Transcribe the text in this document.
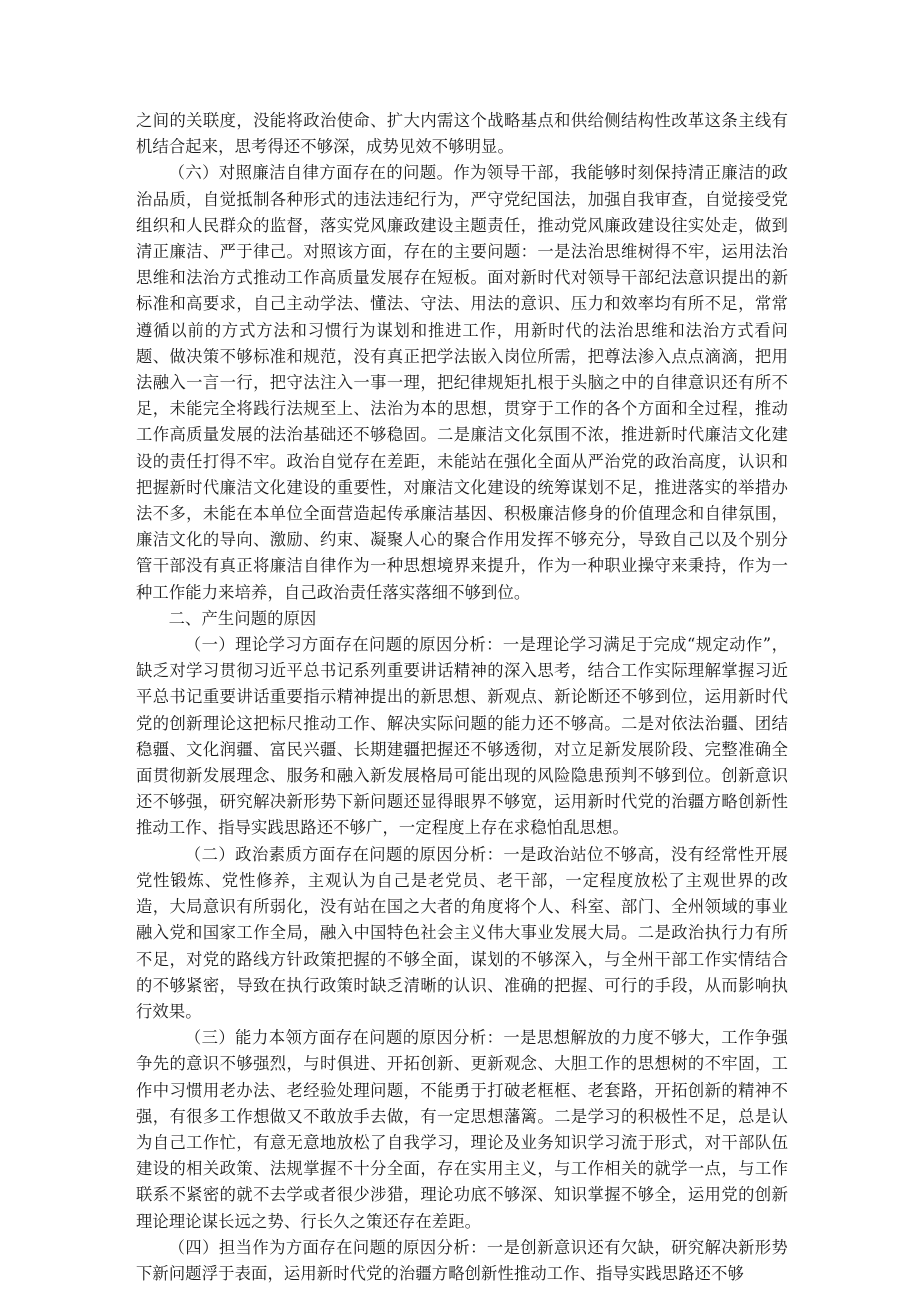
之间的关联度，没能将政治使命、扩大内需这个战略基点和供给侧结构性改革这条主线有机结合起来，思考得还不够深，成势见效不够明显。

（六）对照廉洁自律方面存在的问题。作为领导干部，我能够时刻保持清正廉洁的政治品质，自觉抵制各种形式的违法违纪行为，严守党纪国法，加强自我审查，自觉接受党组织和人民群众的监督，落实党风廉政建设主题责任，推动党风廉政建设往实处走，做到清正廉洁、严于律己。对照该方面，存在的主要问题：一是法治思维树得不牢，运用法治思维和法治方式推动工作高质量发展存在短板。面对新时代对领导干部纪法意识提出的新标准和高要求，自己主动学法、懂法、守法、用法的意识、压力和效率均有所不足，常常遵循以前的方式方法和习惯行为谋划和推进工作，用新时代的法治思维和法治方式看问题、做决策不够标准和规范，没有真正把学法嵌入岗位所需，把尊法渗入点点滴滴，把用法融入一言一行，把守法注入一事一理，把纪律规矩扎根于头脑之中的自律意识还有所不足，未能完全将践行法规至上、法治为本的思想，贯穿于工作的各个方面和全过程，推动工作高质量发展的法治基础还不够稳固。二是廉洁文化氛围不浓，推进新时代廉洁文化建设的责任打得不牢。政治自觉存在差距，未能站在强化全面从严治党的政治高度，认识和把握新时代廉洁文化建设的重要性，对廉洁文化建设的统筹谋划不足，推进落实的举措办法不多，未能在本单位全面营造起传承廉洁基因、积极廉洁修身的价值理念和自律氛围，廉洁文化的导向、激励、约束、凝聚人心的聚合作用发挥不够充分，导致自己以及个别分管干部没有真正将廉洁自律作为一种思想境界来提升，作为一种职业操守来秉持，作为一种工作能力来培养，自己政治责任落实落细不够到位。

二、产生问题的原因

（一）理论学习方面存在问题的原因分析：一是理论学习满足于完成“规定动作”，缺乏对学习贯彻习近平总书记系列重要讲话精神的深入思考，结合工作实际理解掌握习近平总书记重要讲话重要指示精神提出的新思想、新观点、新论断还不够到位，运用新时代党的创新理论这把标尺推动工作、解决实际问题的能力还不够高。二是对依法治疆、团结稳疆、文化润疆、富民兴疆、长期建疆把握还不够透彻，对立足新发展阶段、完整准确全面贯彻新发展理念、服务和融入新发展格局可能出现的风险隐患预判不够到位。创新意识还不够强，研究解决新形势下新问题还显得眼界不够宽，运用新时代党的治疆方略创新性推动工作、指导实践思路还不够广，一定程度上存在求稳怕乱思想。

（二）政治素质方面存在问题的原因分析：一是政治站位不够高，没有经常性开展党性锻炼、党性修养，主观认为自己是老党员、老干部，一定程度放松了主观世界的改造，大局意识有所弱化，没有站在国之大者的角度将个人、科室、部门、全州领域的事业融入党和国家工作全局，融入中国特色社会主义伟大事业发展大局。二是政治执行力有所不足，对党的路线方针政策把握的不够全面，谋划的不够深入，与全州干部工作实情结合的不够紧密，导致在执行政策时缺乏清晰的认识、准确的把握、可行的手段，从而影响执行效果。

（三）能力本领方面存在问题的原因分析：一是思想解放的力度不够大，工作争强争先的意识不够强烈，与时俱进、开拓创新、更新观念、大胆工作的思想树的不牢固，工作中习惯用老办法、老经验处理问题，不能勇于打破老框框、老套路，开拓创新的精神不强，有很多工作想做又不敢放手去做，有一定思想藩篱。二是学习的积极性不足，总是认为自己工作忙，有意无意地放松了自我学习，理论及业务知识学习流于形式，对干部队伍建设的相关政策、法规掌握不十分全面，存在实用主义，与工作相关的就学一点，与工作联系不紧密的就不去学或者很少涉猎，理论功底不够深、知识掌握不够全，运用党的创新理论理论谋长远之势、行长久之策还存在差距。

（四）担当作为方面存在问题的原因分析：一是创新意识还有欠缺，研究解决新形势下新问题浮于表面，运用新时代党的治疆方略创新性推动工作、指导实践思路还不够
